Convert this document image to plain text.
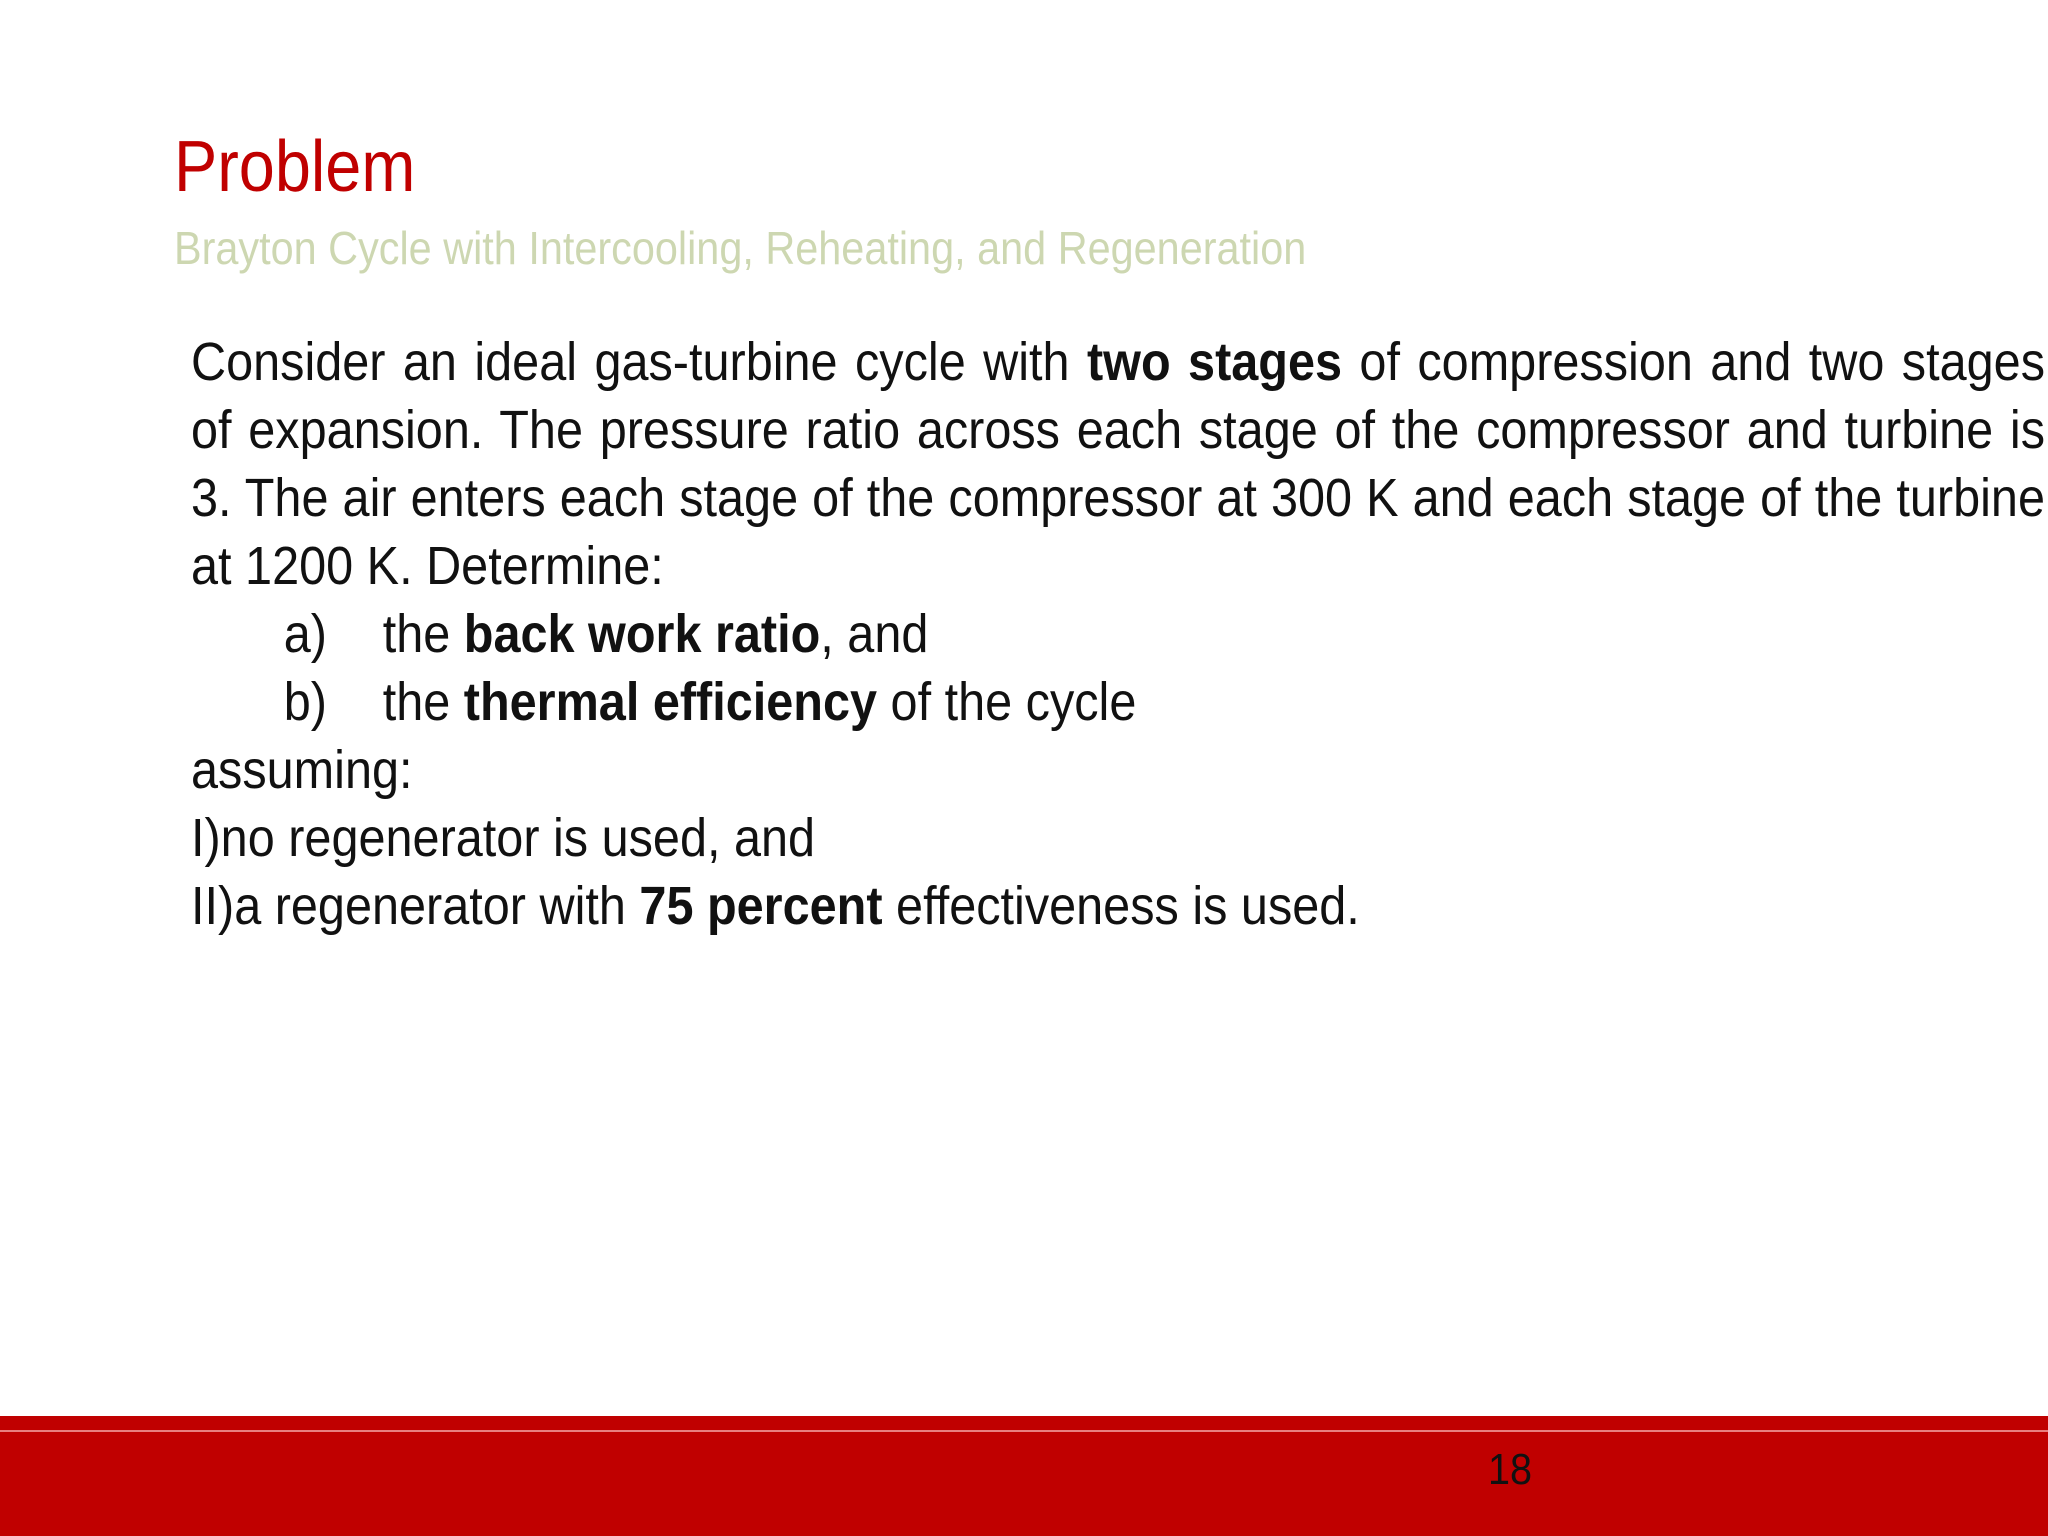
Problem
Brayton Cycle with Intercooling, Reheating, and Regeneration

Consider an ideal gas-turbine cycle with two stages of compression and two stages of expansion. The pressure ratio across each stage of the compressor and turbine is 3. The air enters each stage of the compressor at 300 K and each stage of the turbine at 1200 K. Determine:

a)	the back work ratio, and
b)	the thermal efficiency of the cycle

assuming:

I)no regenerator is used, and

II)a regenerator with 75 percent effectiveness is used.

18
